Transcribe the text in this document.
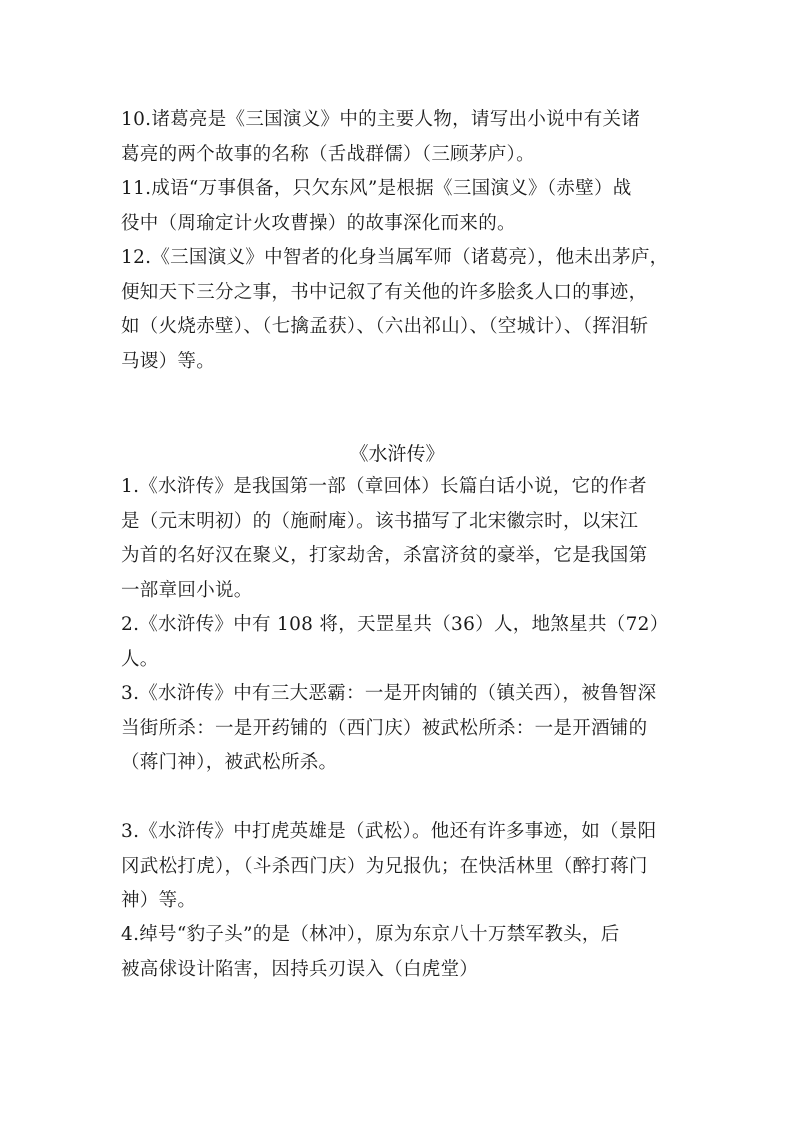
10.诸葛亮是《三国演义》中的主要人物，请写出小说中有关诸
葛亮的两个故事的名称（舌战群儒）（三顾茅庐）。

11.成语“万事俱备，只欠东风”是根据《三国演义》（赤壁）战
役中（周瑜定计火攻曹操）的故事深化而来的。

12.《三国演义》中智者的化身当属军师（诸葛亮），他未出茅庐，
便知天下三分之事，书中记叙了有关他的许多脍炙人口的事迹，
如（火烧赤壁）、（七擒孟获）、（六出祁山）、（空城计）、（挥泪斩
马谡）等。

《水浒传》

1.《水浒传》是我国第一部（章回体）长篇白话小说，它的作者
是（元末明初）的（施耐庵）。该书描写了北宋徽宗时，以宋江
为首的名好汉在聚义，打家劫舍，杀富济贫的豪举，它是我国第
一部章回小说。

2.《水浒传》中有 108 将，天罡星共（36）人，地煞星共（72）
人。

3.《水浒传》中有三大恶霸：一是开肉铺的（镇关西），被鲁智深
当街所杀：一是开药铺的（西门庆）被武松所杀：一是开酒铺的
（蒋门神），被武松所杀。

3.《水浒传》中打虎英雄是（武松）。他还有许多事迹，如（景阳
冈武松打虎），（斗杀西门庆）为兄报仇；在快活林里（醉打蒋门
神）等。

4.绰号“豹子头”的是（林冲），原为东京八十万禁军教头，后
被高俅设计陷害，因持兵刃误入（白虎堂）
